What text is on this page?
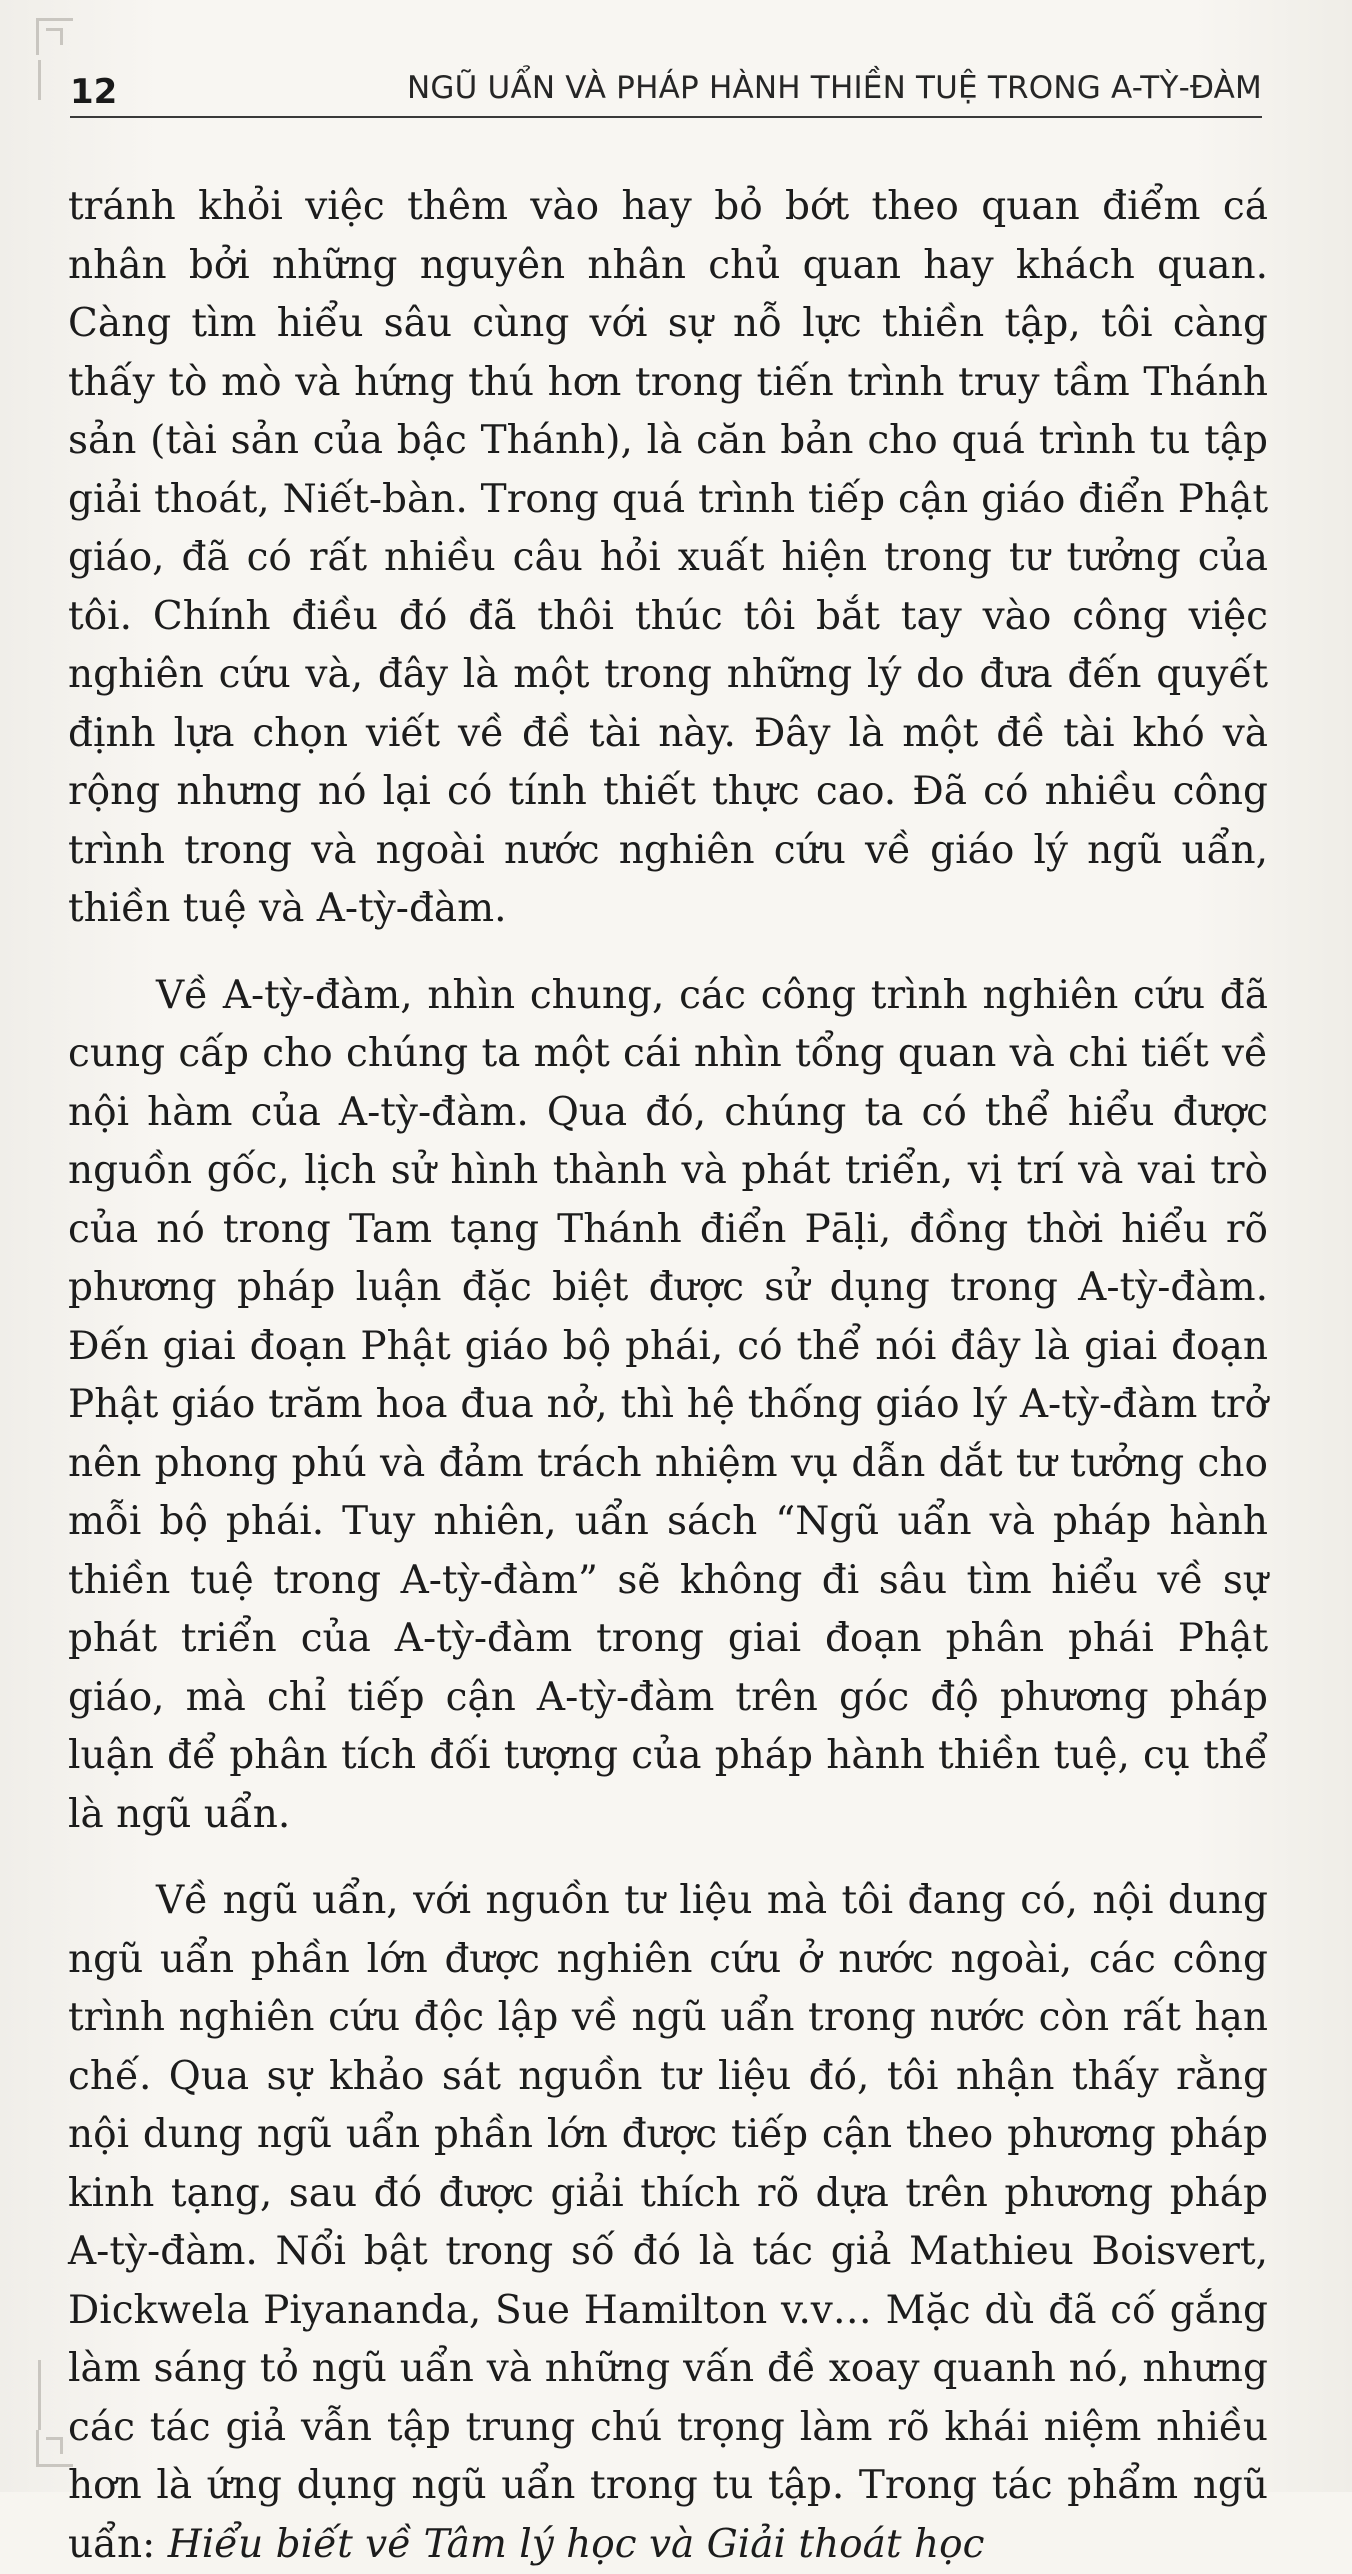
12	NGŨ UẨN VÀ PHÁP HÀNH THIỀN TUỆ TRONG A-TỲ-ĐÀM

tránh khỏi việc thêm vào hay bỏ bớt theo quan điểm cá nhân bởi những nguyên nhân chủ quan hay khách quan. Càng tìm hiểu sâu cùng với sự nỗ lực thiền tập, tôi càng thấy tò mò và hứng thú hơn trong tiến trình truy tầm Thánh sản (tài sản của bậc Thánh), là căn bản cho quá trình tu tập giải thoát, Niết-bàn. Trong quá trình tiếp cận giáo điển Phật giáo, đã có rất nhiều câu hỏi xuất hiện trong tư tưởng của tôi. Chính điều đó đã thôi thúc tôi bắt tay vào công việc nghiên cứu và, đây là một trong những lý do đưa đến quyết định lựa chọn viết về đề tài này. Đây là một đề tài khó và rộng nhưng nó lại có tính thiết thực cao. Đã có nhiều công trình trong và ngoài nước nghiên cứu về giáo lý ngũ uẩn, thiền tuệ và A-tỳ-đàm.

Về A-tỳ-đàm, nhìn chung, các công trình nghiên cứu đã cung cấp cho chúng ta một cái nhìn tổng quan và chi tiết về nội hàm của A-tỳ-đàm. Qua đó, chúng ta có thể hiểu được nguồn gốc, lịch sử hình thành và phát triển, vị trí và vai trò của nó trong Tam tạng Thánh điển Pāḷi, đồng thời hiểu rõ phương pháp luận đặc biệt được sử dụng trong A-tỳ-đàm. Đến giai đoạn Phật giáo bộ phái, có thể nói đây là giai đoạn Phật giáo trăm hoa đua nở, thì hệ thống giáo lý A-tỳ-đàm trở nên phong phú và đảm trách nhiệm vụ dẫn dắt tư tưởng cho mỗi bộ phái. Tuy nhiên, uẩn sách “Ngũ uẩn và pháp hành thiền tuệ trong A-tỳ-đàm” sẽ không đi sâu tìm hiểu về sự phát triển của A-tỳ-đàm trong giai đoạn phân phái Phật giáo, mà chỉ tiếp cận A-tỳ-đàm trên góc độ phương pháp luận để phân tích đối tượng của pháp hành thiền tuệ, cụ thể là ngũ uẩn.

Về ngũ uẩn, với nguồn tư liệu mà tôi đang có, nội dung ngũ uẩn phần lớn được nghiên cứu ở nước ngoài, các công trình nghiên cứu độc lập về ngũ uẩn trong nước còn rất hạn chế. Qua sự khảo sát nguồn tư liệu đó, tôi nhận thấy rằng nội dung ngũ uẩn phần lớn được tiếp cận theo phương pháp kinh tạng, sau đó được giải thích rõ dựa trên phương pháp A-tỳ-đàm. Nổi bật trong số đó là tác giả Mathieu Boisvert, Dickwela Piyananda, Sue Hamilton v.v… Mặc dù đã cố gắng làm sáng tỏ ngũ uẩn và những vấn đề xoay quanh nó, nhưng các tác giả vẫn tập trung chú trọng làm rõ khái niệm nhiều hơn là ứng dụng ngũ uẩn trong tu tập. Trong tác phẩm ngũ uẩn: Hiểu biết về Tâm lý học và Giải thoát học
